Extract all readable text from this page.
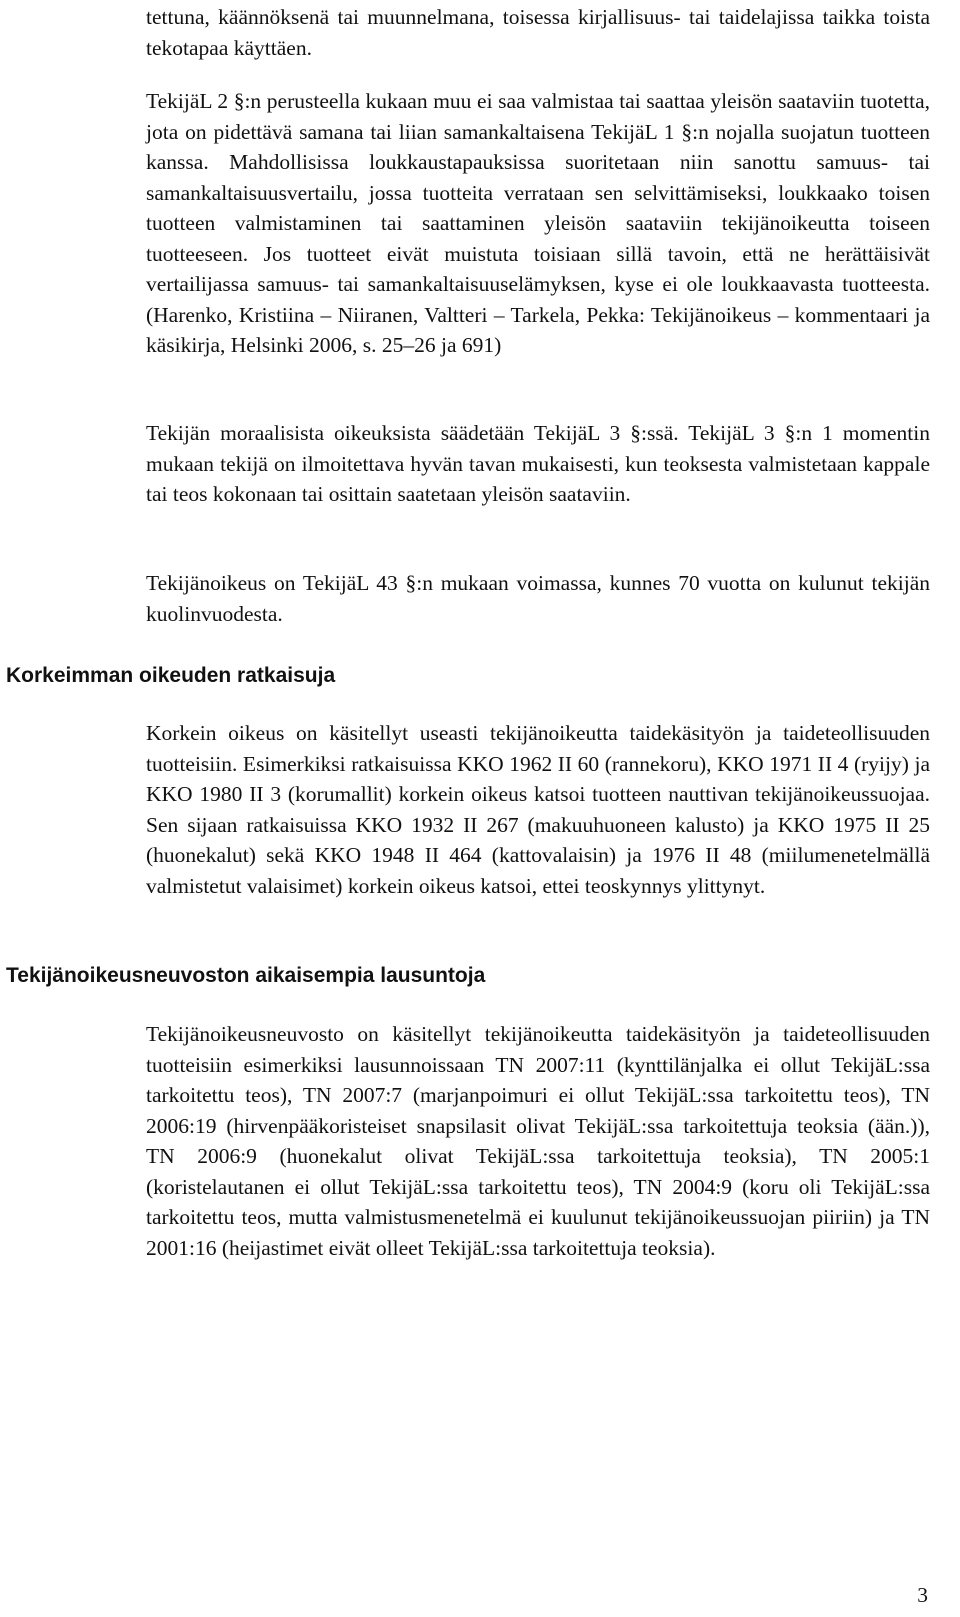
tettuna, käännöksenä tai muunnelmana, toisessa kirjallisuus- tai taidelajissa taikka toista tekotapaa käyttäen.

TekijäL 2 §:n perusteella kukaan muu ei saa valmistaa tai saattaa yleisön saataviin tuotetta, jota on pidettävä samana tai liian samankaltaisena TekijäL 1 §:n nojalla suojatun tuotteen kanssa. Mahdollisissa loukkaustapauksissa suoritetaan niin sanottu samuus- tai samankaltaisuusvertailu, jossa tuotteita verrataan sen selvittämiseksi, loukkaako toisen tuotteen valmistaminen tai saattaminen yleisön saataviin tekijänoikeutta toiseen tuotteeseen. Jos tuotteet eivät muistuta toisiaan sillä tavoin, että ne herättäisivät vertailijassa samuus- tai samankaltaisuuselämyksen, kyse ei ole loukkaavasta tuotteesta. (Harenko, Kristiina – Niiranen, Valtteri – Tarkela, Pekka: Tekijänoikeus – kommentaari ja käsikirja, Helsinki 2006, s. 25–26 ja 691)

Tekijän moraalisista oikeuksista säädetään TekijäL 3 §:ssä. TekijäL 3 §:n 1 momentin mukaan tekijä on ilmoitettava hyvän tavan mukaisesti, kun teoksesta valmistetaan kappale tai teos kokonaan tai osittain saatetaan yleisön saataviin.

Tekijänoikeus on TekijäL 43 §:n mukaan voimassa, kunnes 70 vuotta on kulunut tekijän kuolinvuodesta.

Korkeimman oikeuden ratkaisuja

Korkein oikeus on käsitellyt useasti tekijänoikeutta taidekäsityön ja taideteollisuuden tuotteisiin. Esimerkiksi ratkaisuissa KKO 1962 II 60 (rannekoru), KKO 1971 II 4 (ryijy) ja KKO 1980 II 3 (korumallit) korkein oikeus katsoi tuotteen nauttivan tekijänoikeussuojaa. Sen sijaan ratkaisuissa KKO 1932 II 267 (makuuhuoneen kalusto) ja KKO 1975 II 25 (huonekalut) sekä KKO 1948 II 464 (kattovalaisin) ja 1976 II 48 (miilumenetelmällä valmistetut valaisimet) korkein oikeus katsoi, ettei teoskynnys ylittynyt.

Tekijänoikeusneuvoston aikaisempia lausuntoja

Tekijänoikeusneuvosto on käsitellyt tekijänoikeutta taidekäsityön ja taideteollisuuden tuotteisiin esimerkiksi lausunnoissaan TN 2007:11 (kynttilänjalka ei ollut TekijäL:ssa tarkoitettu teos), TN 2007:7 (marjanpoimuri ei ollut TekijäL:ssa tarkoitettu teos), TN 2006:19 (hirvenpääkoristeiset snapsilasit olivat TekijäL:ssa tarkoitettuja teoksia (ään.)), TN 2006:9 (huonekalut olivat TekijäL:ssa tarkoitettuja teoksia), TN 2005:1 (koristelautanen ei ollut TekijäL:ssa tarkoitettu teos), TN 2004:9 (koru oli TekijäL:ssa tarkoitettu teos, mutta valmistusmenetelmä ei kuulunut tekijänoikeussuojan piiriin) ja TN 2001:16 (heijastimet eivät olleet TekijäL:ssa tarkoitettuja teoksia).

3
